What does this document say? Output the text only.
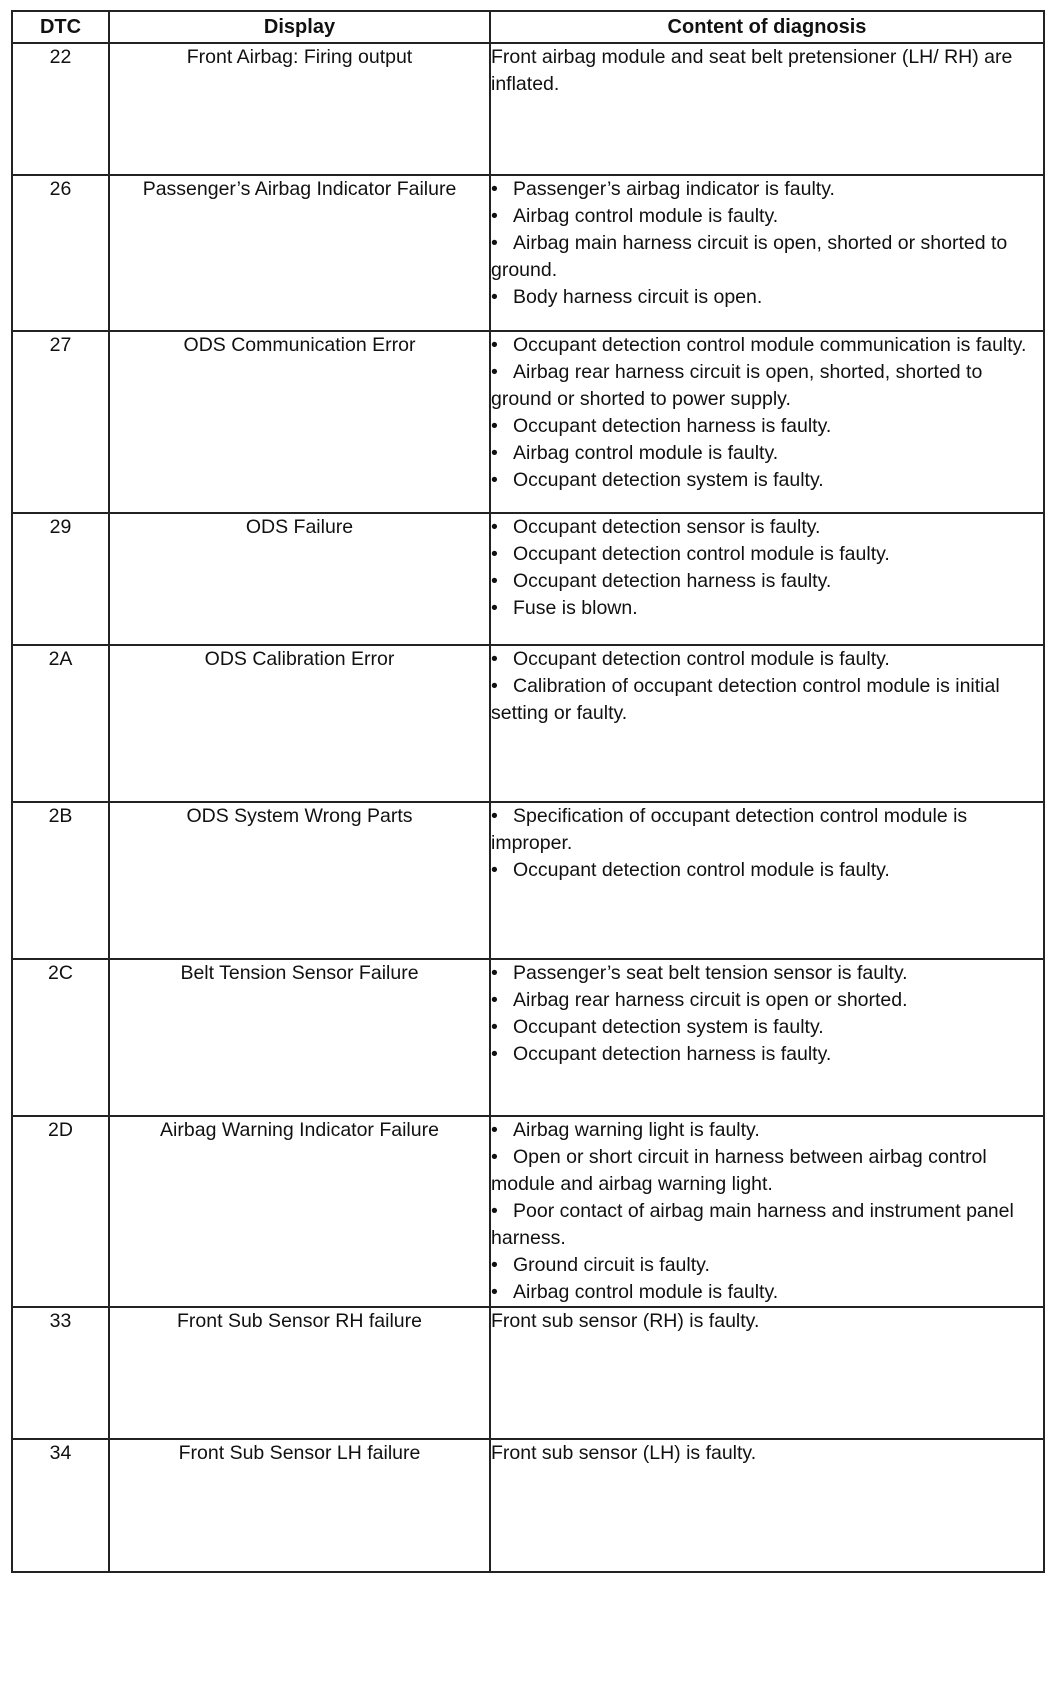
DTC	Display	Content of diagnosis
22	Front Airbag: Firing output	Front airbag module and seat belt pretensioner (LH/ RH) are inflated.

26	Passenger’s Airbag Indicator Failure	• Passenger’s airbag indicator is faulty.
• Airbag control module is faulty.
• Airbag main harness circuit is open, shorted or shorted to ground.
• Body harness circuit is open.

27	ODS Communication Error	• Occupant detection control module communication is faulty.
• Airbag rear harness circuit is open, shorted, shorted to ground or shorted to power supply.
• Occupant detection harness is faulty.
• Airbag control module is faulty.
• Occupant detection system is faulty.

29	ODS Failure	• Occupant detection sensor is faulty.
• Occupant detection control module is faulty.
• Occupant detection harness is faulty.
• Fuse is blown.

2A	ODS Calibration Error	• Occupant detection control module is faulty.
• Calibration of occupant detection control module is initial setting or faulty.

2B	ODS System Wrong Parts	• Specification of occupant detection control module is improper.
• Occupant detection control module is faulty.

2C	Belt Tension Sensor Failure	• Passenger’s seat belt tension sensor is faulty.
• Airbag rear harness circuit is open or shorted.
• Occupant detection system is faulty.
• Occupant detection harness is faulty.

2D	Airbag Warning Indicator Failure	• Airbag warning light is faulty.
• Open or short circuit in harness between airbag control module and airbag warning light.
• Poor contact of airbag main harness and instrument panel harness.
• Ground circuit is faulty.
• Airbag control module is faulty.

33	Front Sub Sensor RH failure	Front sub sensor (RH) is faulty.

34	Front Sub Sensor LH failure	Front sub sensor (LH) is faulty.
